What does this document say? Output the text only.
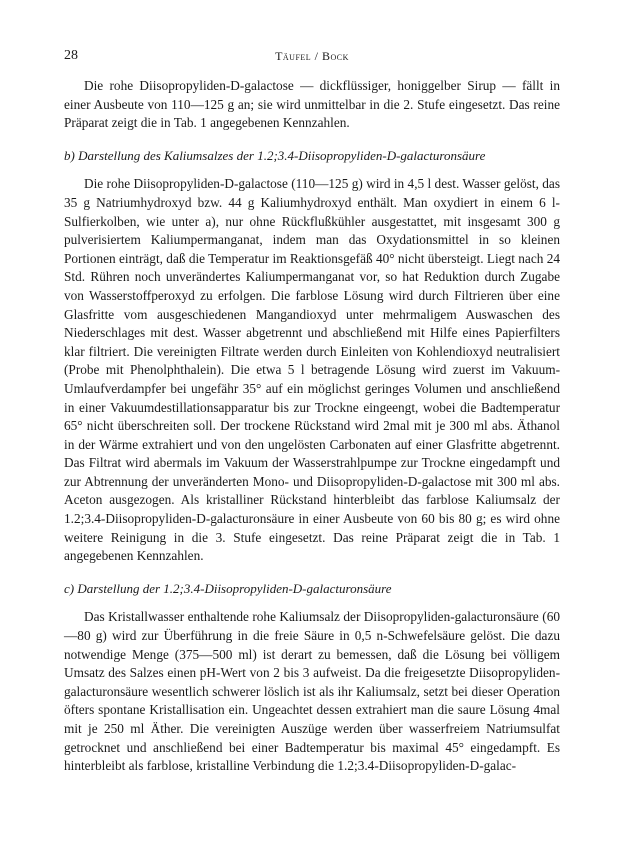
28	Täufel / Bock

Die rohe Diisopropyliden-D-galactose — dickflüssiger, honiggelber Sirup — fällt in einer Ausbeute von 110—125 g an; sie wird unmittelbar in die 2. Stufe eingesetzt. Das reine Präparat zeigt die in Tab. 1 angegebenen Kennzahlen.

b) Darstellung des Kaliumsalzes der 1.2;3.4-Diisopropyliden-D-galacturonsäure

Die rohe Diisopropyliden-D-galactose (110—125 g) wird in 4,5 l dest. Wasser gelöst, das 35 g Natriumhydroxyd bzw. 44 g Kaliumhydroxyd enthält. Man oxydiert in einem 6 l-Sulfierkolben, wie unter a), nur ohne Rückflußkühler ausgestattet, mit insgesamt 300 g pulverisiertem Kaliumpermanganat, indem man das Oxydationsmittel in so kleinen Portionen einträgt, daß die Temperatur im Reaktionsgefäß 40° nicht übersteigt. Liegt nach 24 Std. Rühren noch unverändertes Kaliumpermanganat vor, so hat Reduktion durch Zugabe von Wasserstoffperoxyd zu erfolgen. Die farblose Lösung wird durch Filtrieren über eine Glasfritte vom ausgeschiedenen Mangandioxyd unter mehrmaligem Auswaschen des Niederschlages mit dest. Wasser abgetrennt und abschließend mit Hilfe eines Papierfilters klar filtriert. Die vereinigten Filtrate werden durch Einleiten von Kohlendioxyd neutralisiert (Probe mit Phenolphthalein). Die etwa 5 l betragende Lösung wird zuerst im Vakuum-Umlaufverdampfer bei ungefähr 35° auf ein möglichst geringes Volumen und anschließend in einer Vakuumdestillationsapparatur bis zur Trockne eingeengt, wobei die Badtemperatur 65° nicht überschreiten soll. Der trockene Rückstand wird 2mal mit je 300 ml abs. Äthanol in der Wärme extrahiert und von den ungelösten Carbonaten auf einer Glasfritte abgetrennt. Das Filtrat wird abermals im Vakuum der Wasserstrahlpumpe zur Trockne eingedampft und zur Abtrennung der unveränderten Mono- und Diisopropyliden-D-galactose mit 300 ml abs. Aceton ausgezogen. Als kristalliner Rückstand hinterbleibt das farblose Kaliumsalz der 1.2;3.4-Diisopropyliden-D-galacturonsäure in einer Ausbeute von 60 bis 80 g; es wird ohne weitere Reinigung in die 3. Stufe eingesetzt. Das reine Präparat zeigt die in Tab. 1 angegebenen Kennzahlen.

c) Darstellung der 1.2;3.4-Diisopropyliden-D-galacturonsäure

Das Kristallwasser enthaltende rohe Kaliumsalz der Diisopropyliden-galacturonsäure (60—80 g) wird zur Überführung in die freie Säure in 0,5 n-Schwefelsäure gelöst. Die dazu notwendige Menge (375—500 ml) ist derart zu bemessen, daß die Lösung bei völligem Umsatz des Salzes einen pH-Wert von 2 bis 3 aufweist. Da die freigesetzte Diisopropyliden-galacturonsäure wesentlich schwerer löslich ist als ihr Kaliumsalz, setzt bei dieser Operation öfters spontane Kristallisation ein. Ungeachtet dessen extrahiert man die saure Lösung 4mal mit je 250 ml Äther. Die vereinigten Auszüge werden über wasserfreiem Natriumsulfat getrocknet und anschließend bei einer Badtemperatur bis maximal 45° eingedampft. Es hinterbleibt als farblose, kristalline Verbindung die 1.2;3.4-Diisopropyliden-D-galac-
